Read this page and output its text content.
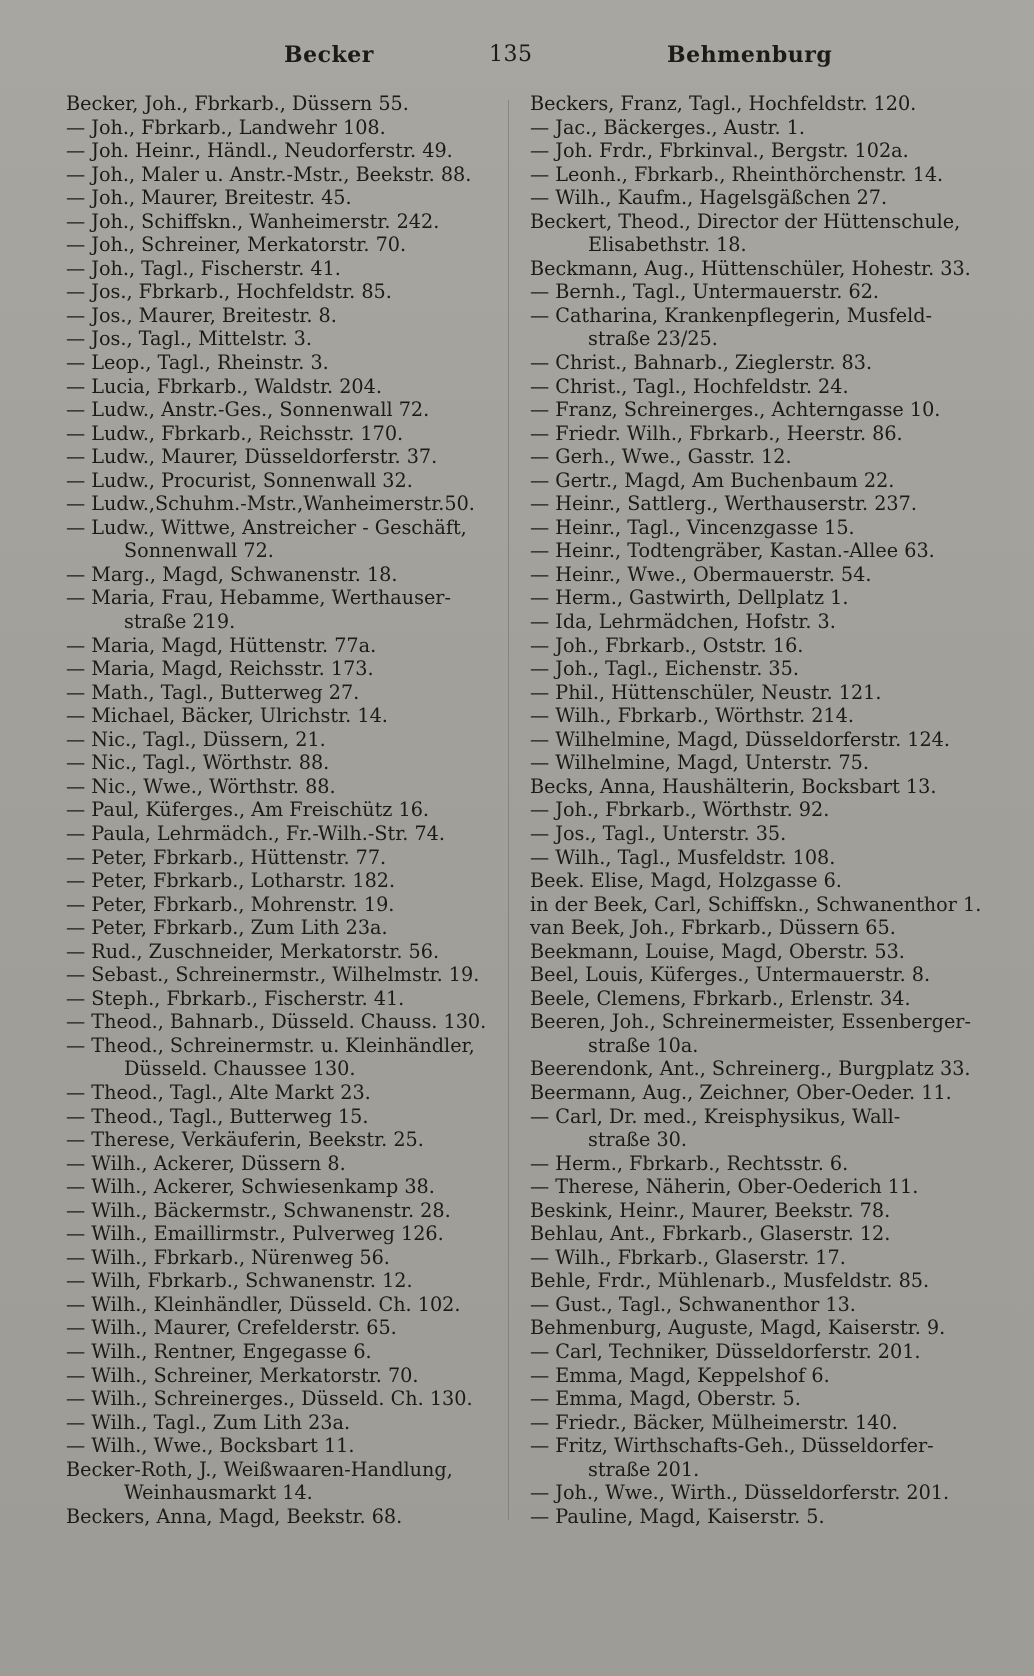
Becker	135	Behmenburg
Becker, Joh., Fbrkarb., Düssern 55.
— Joh., Fbrkarb., Landwehr 108.
— Joh. Heinr., Händl., Neudorferstr. 49.
— Joh., Maler u. Anstr.-Mstr., Beekstr. 88.
— Joh., Maurer, Breitestr. 45.
— Joh., Schiffskn., Wanheimerstr. 242.
— Joh., Schreiner, Merkatorstr. 70.
— Joh., Tagl., Fischerstr. 41.
— Jos., Fbrkarb., Hochfeldstr. 85.
— Jos., Maurer, Breitestr. 8.
— Jos., Tagl., Mittelstr. 3.
— Leop., Tagl., Rheinstr. 3.
— Lucia, Fbrkarb., Waldstr. 204.
— Ludw., Anstr.-Ges., Sonnenwall 72.
— Ludw., Fbrkarb., Reichsstr. 170.
— Ludw., Maurer, Düsseldorferstr. 37.
— Ludw., Procurist, Sonnenwall 32.
— Ludw.,Schuhm.-Mstr.,Wanheimerstr.50.
— Ludw., Wittwe, Anstreicher - Geschäft,
Sonnenwall 72.
— Marg., Magd, Schwanenstr. 18.
— Maria, Frau, Hebamme, Werthauser-
straße 219.
— Maria, Magd, Hüttenstr. 77a.
— Maria, Magd, Reichsstr. 173.
— Math., Tagl., Butterweg 27.
— Michael, Bäcker, Ulrichstr. 14.
— Nic., Tagl., Düssern, 21.
— Nic., Tagl., Wörthstr. 88.
— Nic., Wwe., Wörthstr. 88.
— Paul, Küferges., Am Freischütz 16.
— Paula, Lehrmädch., Fr.-Wilh.-Str. 74.
— Peter, Fbrkarb., Hüttenstr. 77.
— Peter, Fbrkarb., Lotharstr. 182.
— Peter, Fbrkarb., Mohrenstr. 19.
— Peter, Fbrkarb., Zum Lith 23a.
— Rud., Zuschneider, Merkatorstr. 56.
— Sebast., Schreinermstr., Wilhelmstr. 19.
— Steph., Fbrkarb., Fischerstr. 41.
— Theod., Bahnarb., Düsseld. Chauss. 130.
— Theod., Schreinermstr. u. Kleinhändler,
Düsseld. Chaussee 130.
— Theod., Tagl., Alte Markt 23.
— Theod., Tagl., Butterweg 15.
— Therese, Verkäuferin, Beekstr. 25.
— Wilh., Ackerer, Düssern 8.
— Wilh., Ackerer, Schwiesenkamp 38.
— Wilh., Bäckermstr., Schwanenstr. 28.
— Wilh., Emaillirmstr., Pulverweg 126.
— Wilh., Fbrkarb., Nürenweg 56.
— Wilh, Fbrkarb., Schwanenstr. 12.
— Wilh., Kleinhändler, Düsseld. Ch. 102.
— Wilh., Maurer, Crefelderstr. 65.
— Wilh., Rentner, Engegasse 6.
— Wilh., Schreiner, Merkatorstr. 70.
— Wilh., Schreinerges., Düsseld. Ch. 130.
— Wilh., Tagl., Zum Lith 23a.
— Wilh., Wwe., Bocksbart 11.
Becker-Roth, J., Weißwaaren-Handlung,
Weinhausmarkt 14.
Beckers, Anna, Magd, Beekstr. 68.
Beckers, Franz, Tagl., Hochfeldstr. 120.
— Jac., Bäckerges., Austr. 1.
— Joh. Frdr., Fbrkinval., Bergstr. 102a.
— Leonh., Fbrkarb., Rheinthörchenstr. 14.
— Wilh., Kaufm., Hagelsgäßchen 27.
Beckert, Theod., Director der Hüttenschule,
Elisabethstr. 18.
Beckmann, Aug., Hüttenschüler, Hohestr. 33.
— Bernh., Tagl., Untermauerstr. 62.
— Catharina, Krankenpflegerin, Musfeld-
straße 23/25.
— Christ., Bahnarb., Zieglerstr. 83.
— Christ., Tagl., Hochfeldstr. 24.
— Franz, Schreinerges., Achterngasse 10.
— Friedr. Wilh., Fbrkarb., Heerstr. 86.
— Gerh., Wwe., Gasstr. 12.
— Gertr., Magd, Am Buchenbaum 22.
— Heinr., Sattlerg., Werthauserstr. 237.
— Heinr., Tagl., Vincenzgasse 15.
— Heinr., Todtengräber, Kastan.-Allee 63.
— Heinr., Wwe., Obermauerstr. 54.
— Herm., Gastwirth, Dellplatz 1.
— Ida, Lehrmädchen, Hofstr. 3.
— Joh., Fbrkarb., Oststr. 16.
— Joh., Tagl., Eichenstr. 35.
— Phil., Hüttenschüler, Neustr. 121.
— Wilh., Fbrkarb., Wörthstr. 214.
— Wilhelmine, Magd, Düsseldorferstr. 124.
— Wilhelmine, Magd, Unterstr. 75.
Becks, Anna, Haushälterin, Bocksbart 13.
— Joh., Fbrkarb., Wörthstr. 92.
— Jos., Tagl., Unterstr. 35.
— Wilh., Tagl., Musfeldstr. 108.
Beek. Elise, Magd, Holzgasse 6.
in der Beek, Carl, Schiffskn., Schwanenthor 1.
van Beek, Joh., Fbrkarb., Düssern 65.
Beekmann, Louise, Magd, Oberstr. 53.
Beel, Louis, Küferges., Untermauerstr. 8.
Beele, Clemens, Fbrkarb., Erlenstr. 34.
Beeren, Joh., Schreinermeister, Essenberger-
straße 10a.
Beerendonk, Ant., Schreinerg., Burgplatz 33.
Beermann, Aug., Zeichner, Ober-Oeder. 11.
— Carl, Dr. med., Kreisphysikus, Wall-
straße 30.
— Herm., Fbrkarb., Rechtsstr. 6.
— Therese, Näherin, Ober-Oederich 11.
Beskink, Heinr., Maurer, Beekstr. 78.
Behlau, Ant., Fbrkarb., Glaserstr. 12.
— Wilh., Fbrkarb., Glaserstr. 17.
Behle, Frdr., Mühlenarb., Musfeldstr. 85.
— Gust., Tagl., Schwanenthor 13.
Behmenburg, Auguste, Magd, Kaiserstr. 9.
— Carl, Techniker, Düsseldorferstr. 201.
— Emma, Magd, Keppelshof 6.
— Emma, Magd, Oberstr. 5.
— Friedr., Bäcker, Mülheimerstr. 140.
— Fritz, Wirthschafts-Geh., Düsseldorfer-
straße 201.
— Joh., Wwe., Wirth., Düsseldorferstr. 201.
— Pauline, Magd, Kaiserstr. 5.
